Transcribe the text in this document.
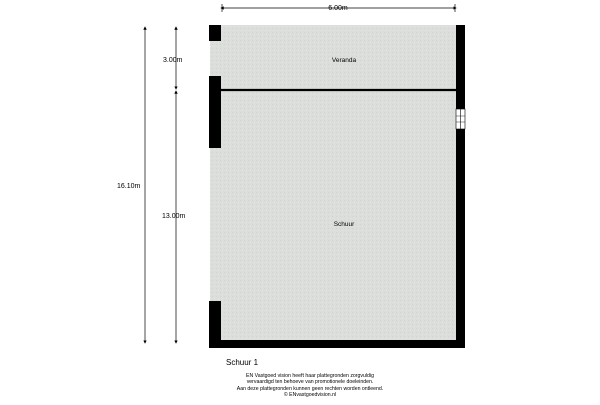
Veranda
Schuur
6.00m
16.10m
3.00m
13.00m
Schuur 1
EN Vastgoed vision heeft haar plattegronden zorgvuldig
vervaardigd ten behoeve van promotionele doeleinden.
Aan deze plattegronden kunnen geen rechten worden ontleend.
© ENvastgoedvision.nl
